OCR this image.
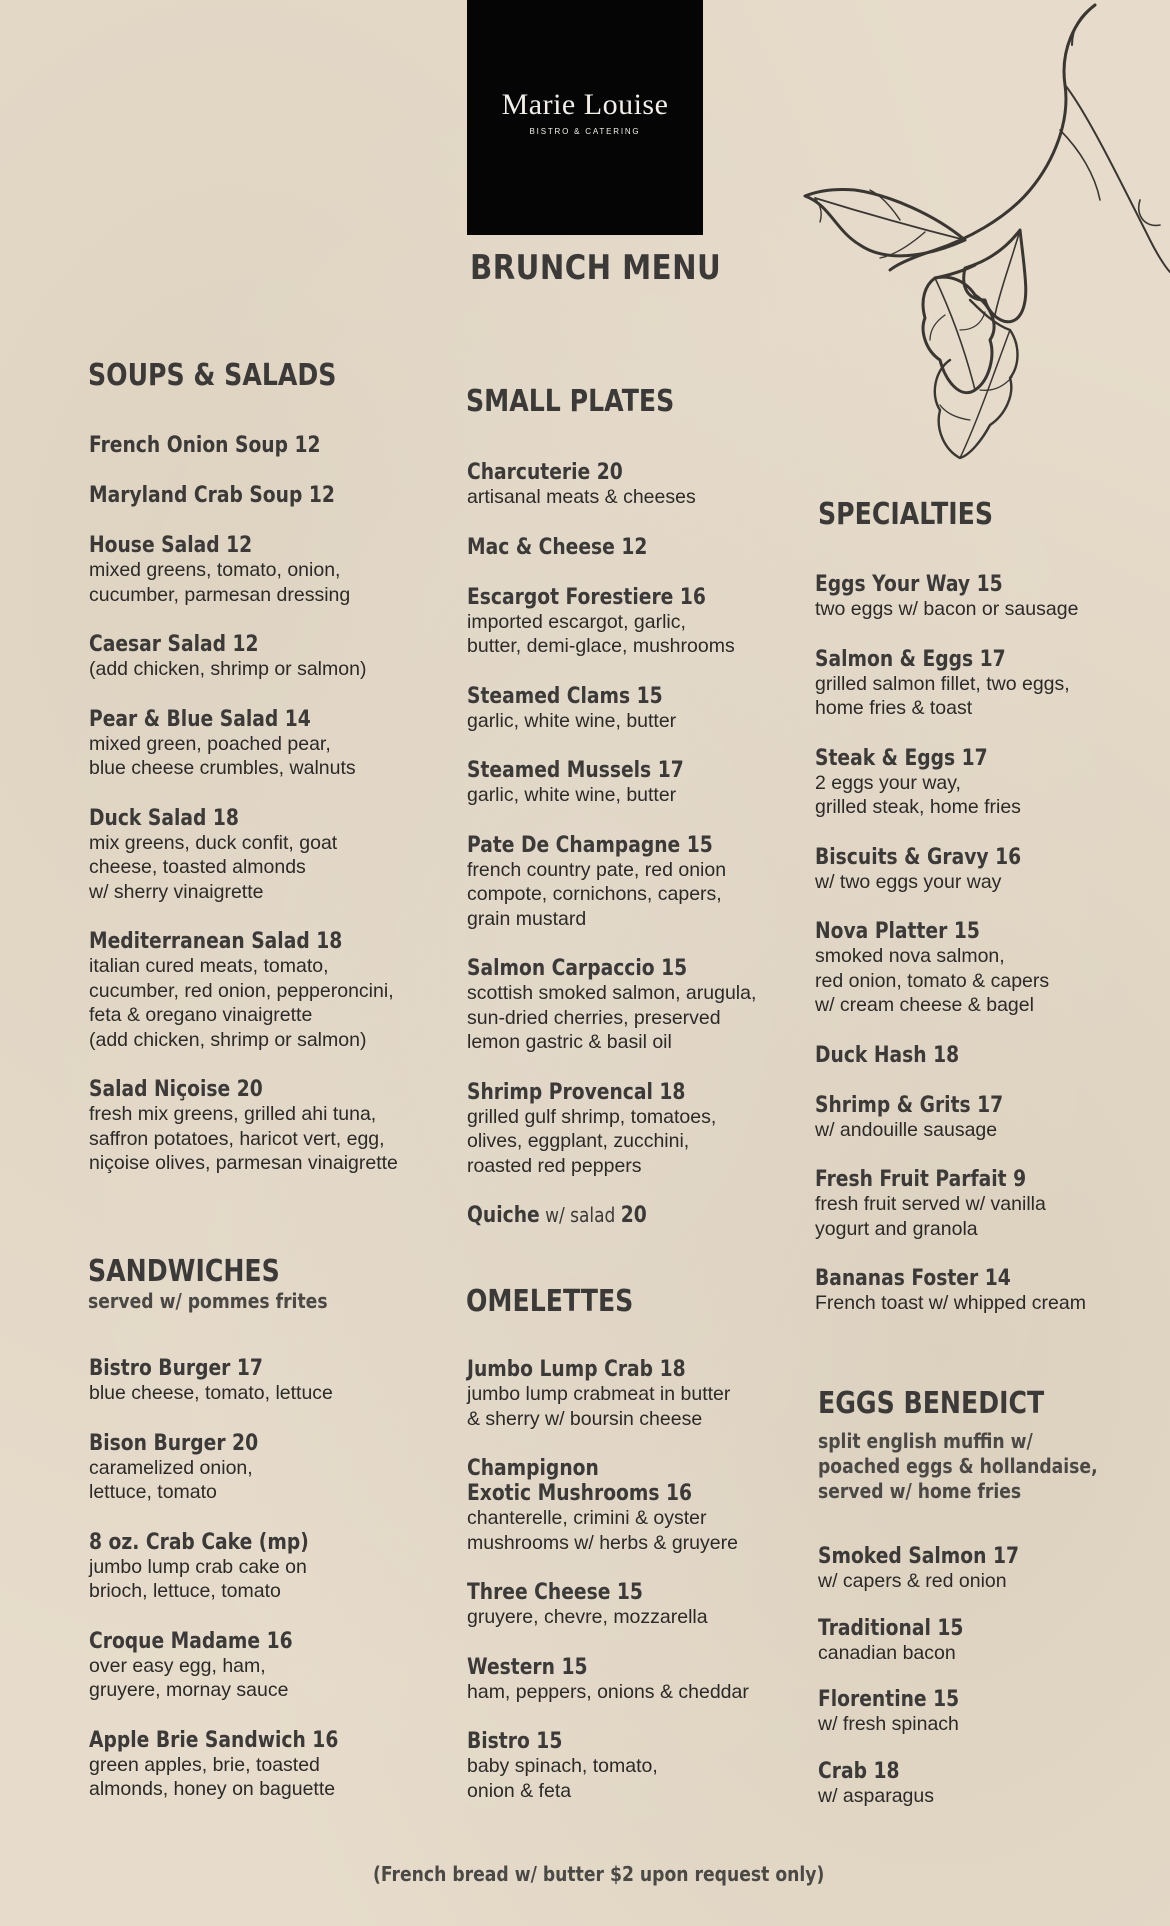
Marie Louise
BISTRO & CATERING
BRUNCH MENU
SOUPS & SALADS
French Onion Soup 12
Maryland Crab Soup 12
House Salad 12
mixed greens, tomato, onion,
cucumber, parmesan dressing
Caesar Salad 12
(add chicken, shrimp or salmon)
Pear & Blue Salad 14
mixed green, poached pear,
blue cheese crumbles, walnuts
Duck Salad 18
mix greens, duck confit, goat
cheese, toasted almonds
w/ sherry vinaigrette
Mediterranean Salad 18
italian cured meats, tomato,
cucumber, red onion, pepperoncini,
feta & oregano vinaigrette
(add chicken, shrimp or salmon)
Salad Niçoise 20
fresh mix greens, grilled ahi tuna,
saffron potatoes, haricot vert, egg,
niçoise olives, parmesan vinaigrette
SANDWICHES
served w/ pommes frites
Bistro Burger 17
blue cheese, tomato, lettuce
Bison Burger 20
caramelized onion,
lettuce, tomato
8 oz. Crab Cake (mp)
jumbo lump crab cake on
brioch, lettuce, tomato
Croque Madame 16
over easy egg, ham,
gruyere, mornay sauce
Apple Brie Sandwich 16
green apples, brie, toasted
almonds, honey on baguette
SMALL PLATES
Charcuterie 20
artisanal meats & cheeses
Mac & Cheese 12
Escargot Forestiere 16
imported escargot, garlic,
butter, demi-glace, mushrooms
Steamed Clams 15
garlic, white wine, butter
Steamed Mussels 17
garlic, white wine, butter
Pate De Champagne 15
french country pate, red onion
compote, cornichons, capers,
grain mustard
Salmon Carpaccio 15
scottish smoked salmon, arugula,
sun-dried cherries, preserved
lemon gastric & basil oil
Shrimp Provencal 18
grilled gulf shrimp, tomatoes,
olives, eggplant, zucchini,
roasted red peppers
Quiche w/ salad 20
OMELETTES
Jumbo Lump Crab 18
jumbo lump crabmeat in butter
& sherry w/ boursin cheese
Champignon
Exotic Mushrooms 16
chanterelle, crimini & oyster
mushrooms w/ herbs & gruyere
Three Cheese 15
gruyere, chevre, mozzarella
Western 15
ham, peppers, onions & cheddar
Bistro 15
baby spinach, tomato,
onion & feta
SPECIALTIES
Eggs Your Way 15
two eggs w/ bacon or sausage
Salmon & Eggs 17
grilled salmon fillet, two eggs,
home fries & toast
Steak & Eggs 17
2 eggs your way,
grilled steak, home fries
Biscuits & Gravy 16
w/ two eggs your way
Nova Platter 15
smoked nova salmon,
red onion, tomato & capers
w/ cream cheese & bagel
Duck Hash 18
Shrimp & Grits 17
w/ andouille sausage
Fresh Fruit Parfait 9
fresh fruit served w/ vanilla
yogurt and granola
Bananas Foster 14
French toast w/ whipped cream
EGGS BENEDICT
split english muffin w/
poached eggs & hollandaise,
served w/ home fries
Smoked Salmon 17
w/ capers & red onion
Traditional 15
canadian bacon
Florentine 15
w/ fresh spinach
Crab 18
w/ asparagus
(French bread w/ butter $2 upon request only)
